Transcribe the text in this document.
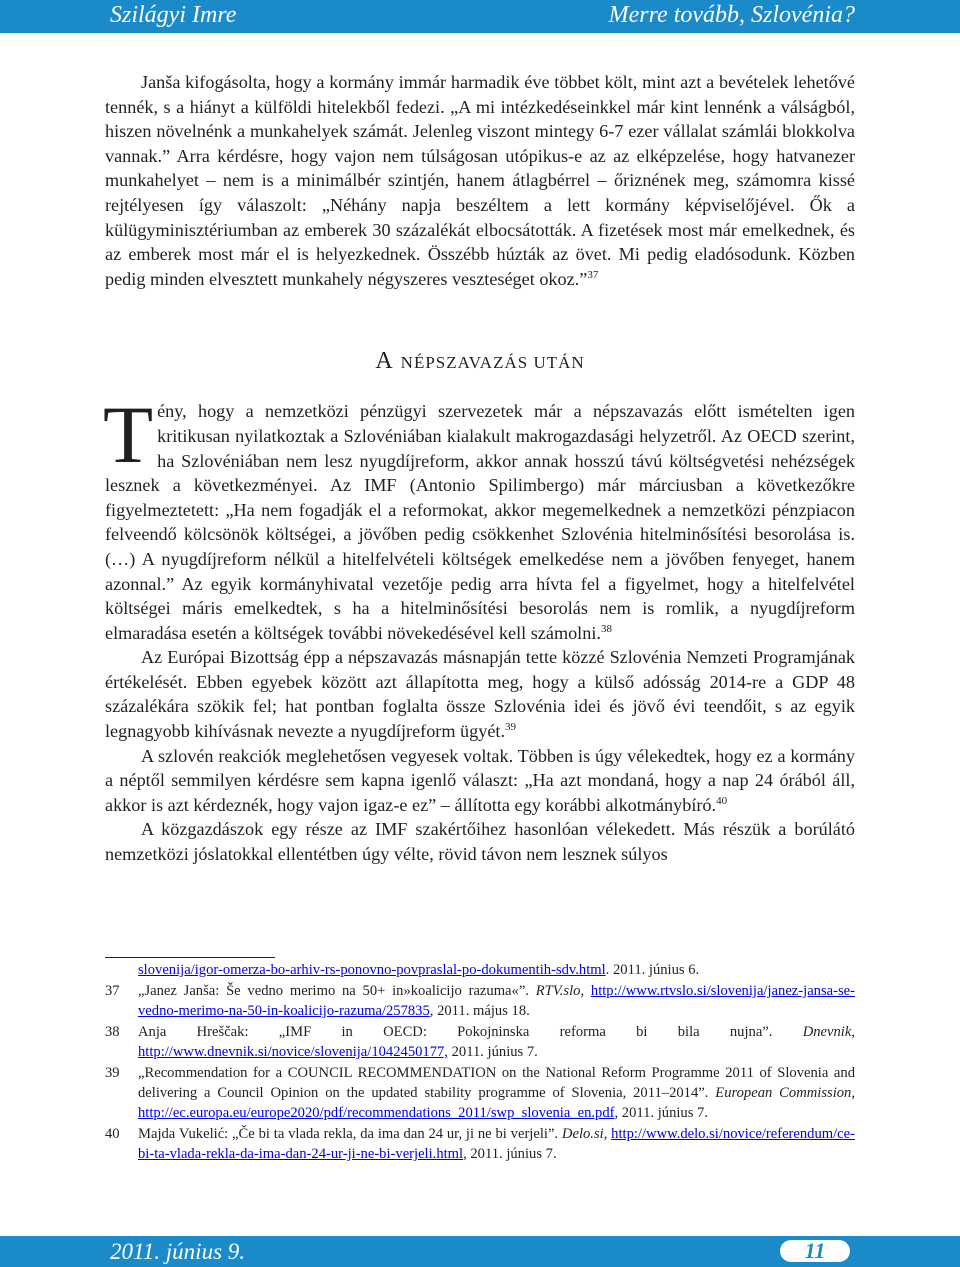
Szilágyi Imre	Merre tovább, Szlovénia?

Janša kifogásolta, hogy a kormány immár harmadik éve többet költ, mint azt a bevételek lehetővé tennék, s a hiányt a külföldi hitelekből fedezi. „A mi intézkedéseinkkel már kint lennénk a válságból, hiszen növelnénk a munkahelyek számát. Jelenleg viszont mintegy 6-7 ezer vállalat számlái blokkolva vannak.” Arra kérdésre, hogy vajon nem túlságosan utópikus-e az az elképzelése, hogy hatvanezer munkahelyet – nem is a minimálbér szintjén, hanem átlagbérrel – őriznének meg, számomra kissé rejtélyesen így válaszolt: „Néhány napja beszéltem a lett kormány képviselőjével. Ők a külügyminisztériumban az emberek 30 százalékát elbocsátották. A fizetések most már emelkednek, és az emberek most már el is helyezkednek. Összébb húzták az övet. Mi pedig eladósodunk. Közben pedig minden elvesztett munkahely négyszeres veszteséget okoz.”$^{37}$

A NÉPSZAVAZÁS UTÁN

Tény, hogy a nemzetközi pénzügyi szervezetek már a népszavazás előtt ismételten igen kritikusan nyilatkoztak a Szlovéniában kialakult makrogazdasági helyzetről. Az OECD szerint, ha Szlovéniában nem lesz nyugdíjreform, akkor annak hosszú távú költségvetési nehézségek lesznek a következményei. Az IMF (Antonio Spilimbergo) már márciusban a következőkre figyelmeztetett: „Ha nem fogadják el a reformokat, akkor megemelkednek a nemzetközi pénzpiacon felveendő kölcsönök költségei, a jövőben pedig csökkenhet Szlovénia hitelminősítési besorolása is. (…) A nyugdíjreform nélkül a hitelfelvételi költségek emelkedése nem a jövőben fenyeget, hanem azonnal.” Az egyik kormányhivatal vezetője pedig arra hívta fel a figyelmet, hogy a hitelfelvétel költségei máris emelkedtek, s ha a hitelminősítési besorolás nem is romlik, a nyugdíjreform elmaradása esetén a költségek további növekedésével kell számolni.$^{38}$

Az Európai Bizottság épp a népszavazás másnapján tette közzé Szlovénia Nemzeti Programjának értékelését. Ebben egyebek között azt állapította meg, hogy a külső adósság 2014-re a GDP 48 százalékára szökik fel; hat pontban foglalta össze Szlovénia idei és jövő évi teendőit, s az egyik legnagyobb kihívásnak nevezte a nyugdíjreform ügyét.$^{39}$

A szlovén reakciók meglehetősen vegyesek voltak. Többen is úgy vélekedtek, hogy ez a kormány a néptől semmilyen kérdésre sem kapna igenlő választ: „Ha azt mondaná, hogy a nap 24 órából áll, akkor is azt kérdeznék, hogy vajon igaz-e ez” – állította egy korábbi alkotmánybíró.$^{40}$

A közgazdászok egy része az IMF szakértőihez hasonlóan vélekedett. Más részük a borúlátó nemzetközi jóslatokkal ellentétben úgy vélte, rövid távon nem lesznek súlyos

slovenija/igor-omerza-bo-arhiv-rs-ponovno-povpraslal-po-dokumentih-sdv.html. 2011. június 6.
37 „Janez Janša: Še vedno merimo na 50+ in»koalicijo razuma«”. RTV.slo, http://www.rtvslo.si/slovenija/janez-jansa-se-vedno-merimo-na-50-in-koalicijo-razuma/257835, 2011. május 18.
38 Anja Hreščak: „IMF in OECD: Pokojninska reforma bi bila nujna”. Dnevnik, http://www.dnevnik.si/novice/slovenija/1042450177, 2011. június 7.
39 „Recommendation for a COUNCIL RECOMMENDATION on the National Reform Programme 2011 of Slovenia and delivering a Council Opinion on the updated stability programme of Slovenia, 2011–2014”. European Commission, http://ec.europa.eu/europe2020/pdf/recommendations_2011/swp_slovenia_en.pdf, 2011. június 7.
40 Majda Vukelić: „Če bi ta vlada rekla, da ima dan 24 ur, ji ne bi verjeli”. Delo.si, http://www.delo.si/novice/referendum/ce-bi-ta-vlada-rekla-da-ima-dan-24-ur-ji-ne-bi-verjeli.html, 2011. június 7.
2011. június 9.	11
